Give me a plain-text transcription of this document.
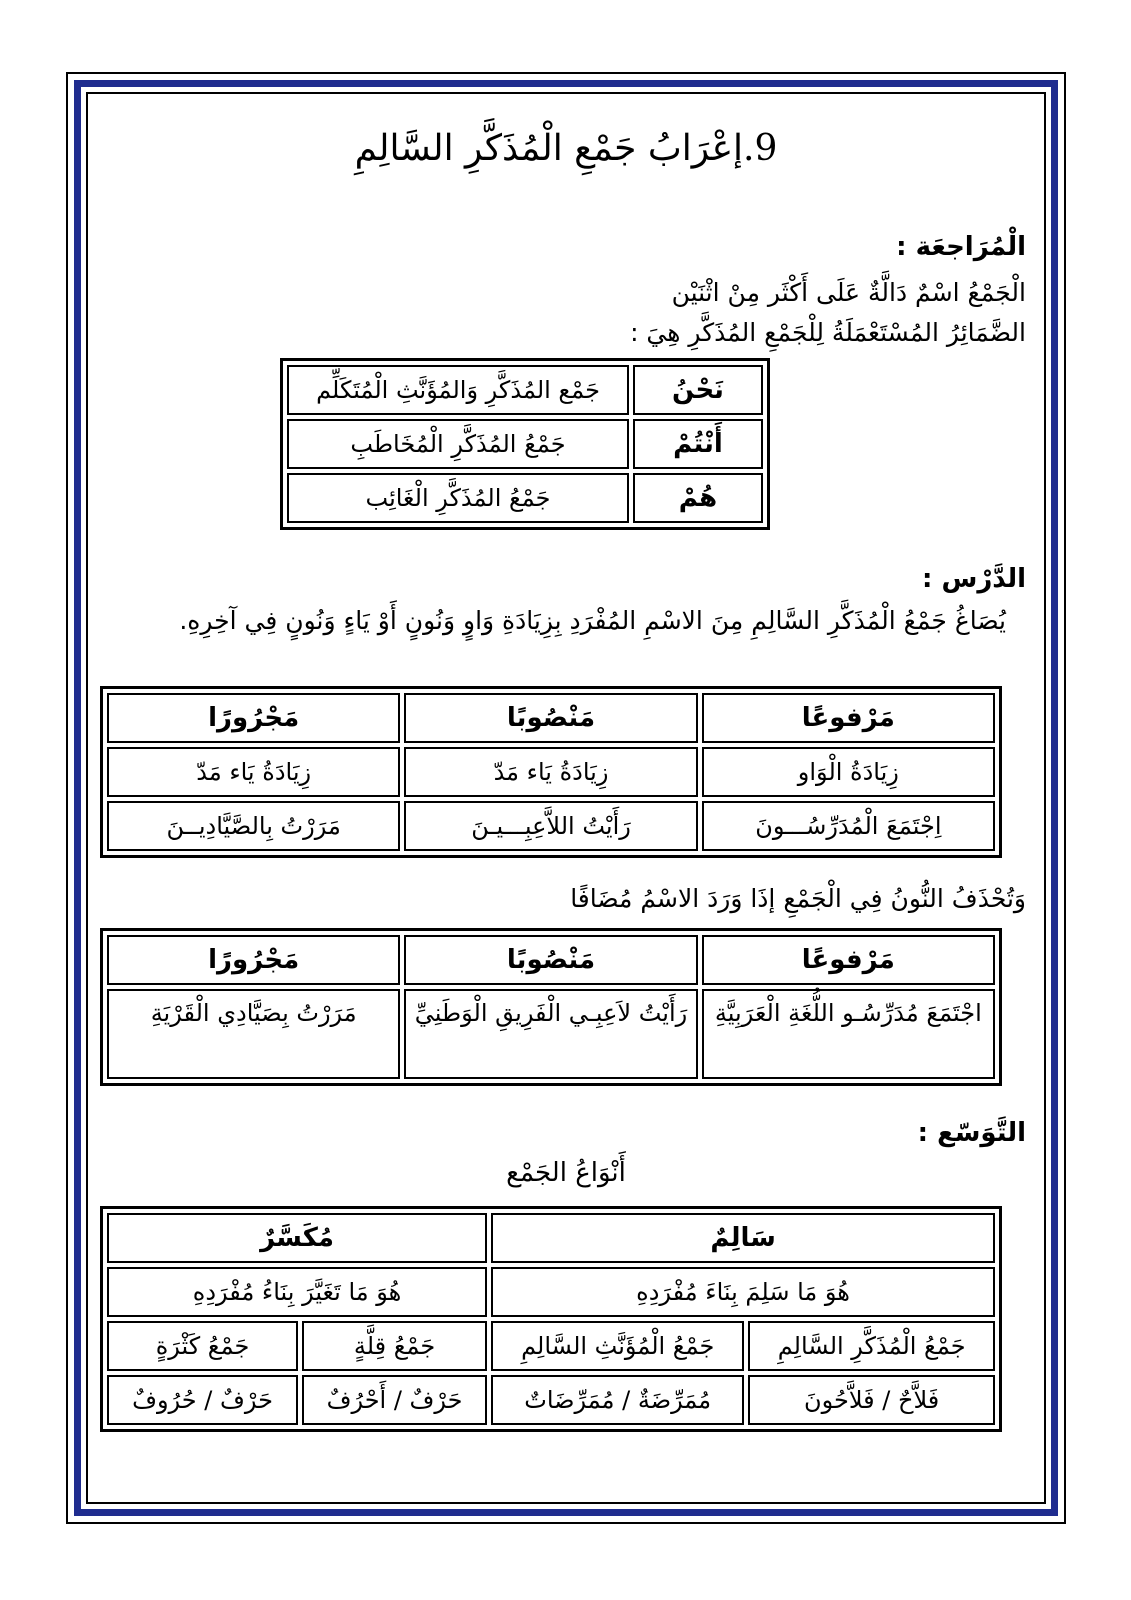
9.إعْرَابُ جَمْعِ الْمُذَكَّرِ السَّالِمِ
الْمُرَاجعَة :
الْجَمْعُ اسْمٌ دَالَّةٌ عَلَى أَكْثَر مِنْ اثْنَيْن
الضَّمَائِرُ المُسْتَعْمَلَةُ لِلْجَمْعِ المُذَكَّرِ هِيَ :
نَحْنُ	جَمْع المُذَكَّرِ وَالمُؤَنَّثِ الْمُتَكَلِّم
أَنْتُمْ	جَمْعُ المُذَكَّرِ الْمُخَاطَبِ
هُمْ	جَمْعُ المُذَكَّرِ الْغَائِب
الدَّرْس :
يُصَاغُ جَمْعُ الْمُذَكَّرِ السَّالِمِ مِنَ الاسْمِ المُفْرَدِ بِزِيَادَةِ وَاوٍ وَنُونٍ أَوْ يَاءٍ وَنُونٍ فِي آخِرِهِ.
مَرْفوعًا	مَنْصُوبًا	مَجْرُورًا
زِيَادَةُ الْوَاو	زِيَادَةُ يَاء مَدّ	زِيَادَةُ يَاء مَدّ
اِجْتَمَعَ الْمُدَرِّسُـــونَ	رَأَيْتُ اللاَّعِبِـــيـنَ	مَرَرْتُ بِالصَّيَّادِيــنَ
وَتُحْذَفُ النُّونُ فِي الْجَمْعِ إذَا وَرَدَ الاسْمُ مُضَافًا
مَرْفوعًا	مَنْصُوبًا	مَجْرُورًا
اجْتَمَعَ مُدَرِّسُـو اللُّغَةِ الْعَرَبِيَّةِ	رَأَيْتُ لاَعِبِـي الْفَرِيقِ الْوَطَنِيِّ	مَرَرْتُ بِصَيَّادِي الْقَرْيَةِ
التَّوَسّع :
أَنْوَاعُ الجَمْع
سَالِمٌ		مُكَسَّرٌ	
هُوَ مَا سَلِمَ بِنَاءَ مُفْرَدِهِ		هُوَ مَا تَغَيَّرَ بِنَاءُ مُفْرَدِهِ	
جَمْعُ الْمُذَكَّرِ السَّالِمِ	جَمْعُ الْمُؤَنَّثِ السَّالِمِ	جَمْعُ قِلَّةٍ	جَمْعُ كَثْرَةٍ
فَلاَّحٌ / فَلاَّحُونَ	مُمَرِّضَةٌ / مُمَرِّضَاتٌ	حَرْفٌ / أَحْرُفٌ	حَرْفٌ / حُرُوفٌ
